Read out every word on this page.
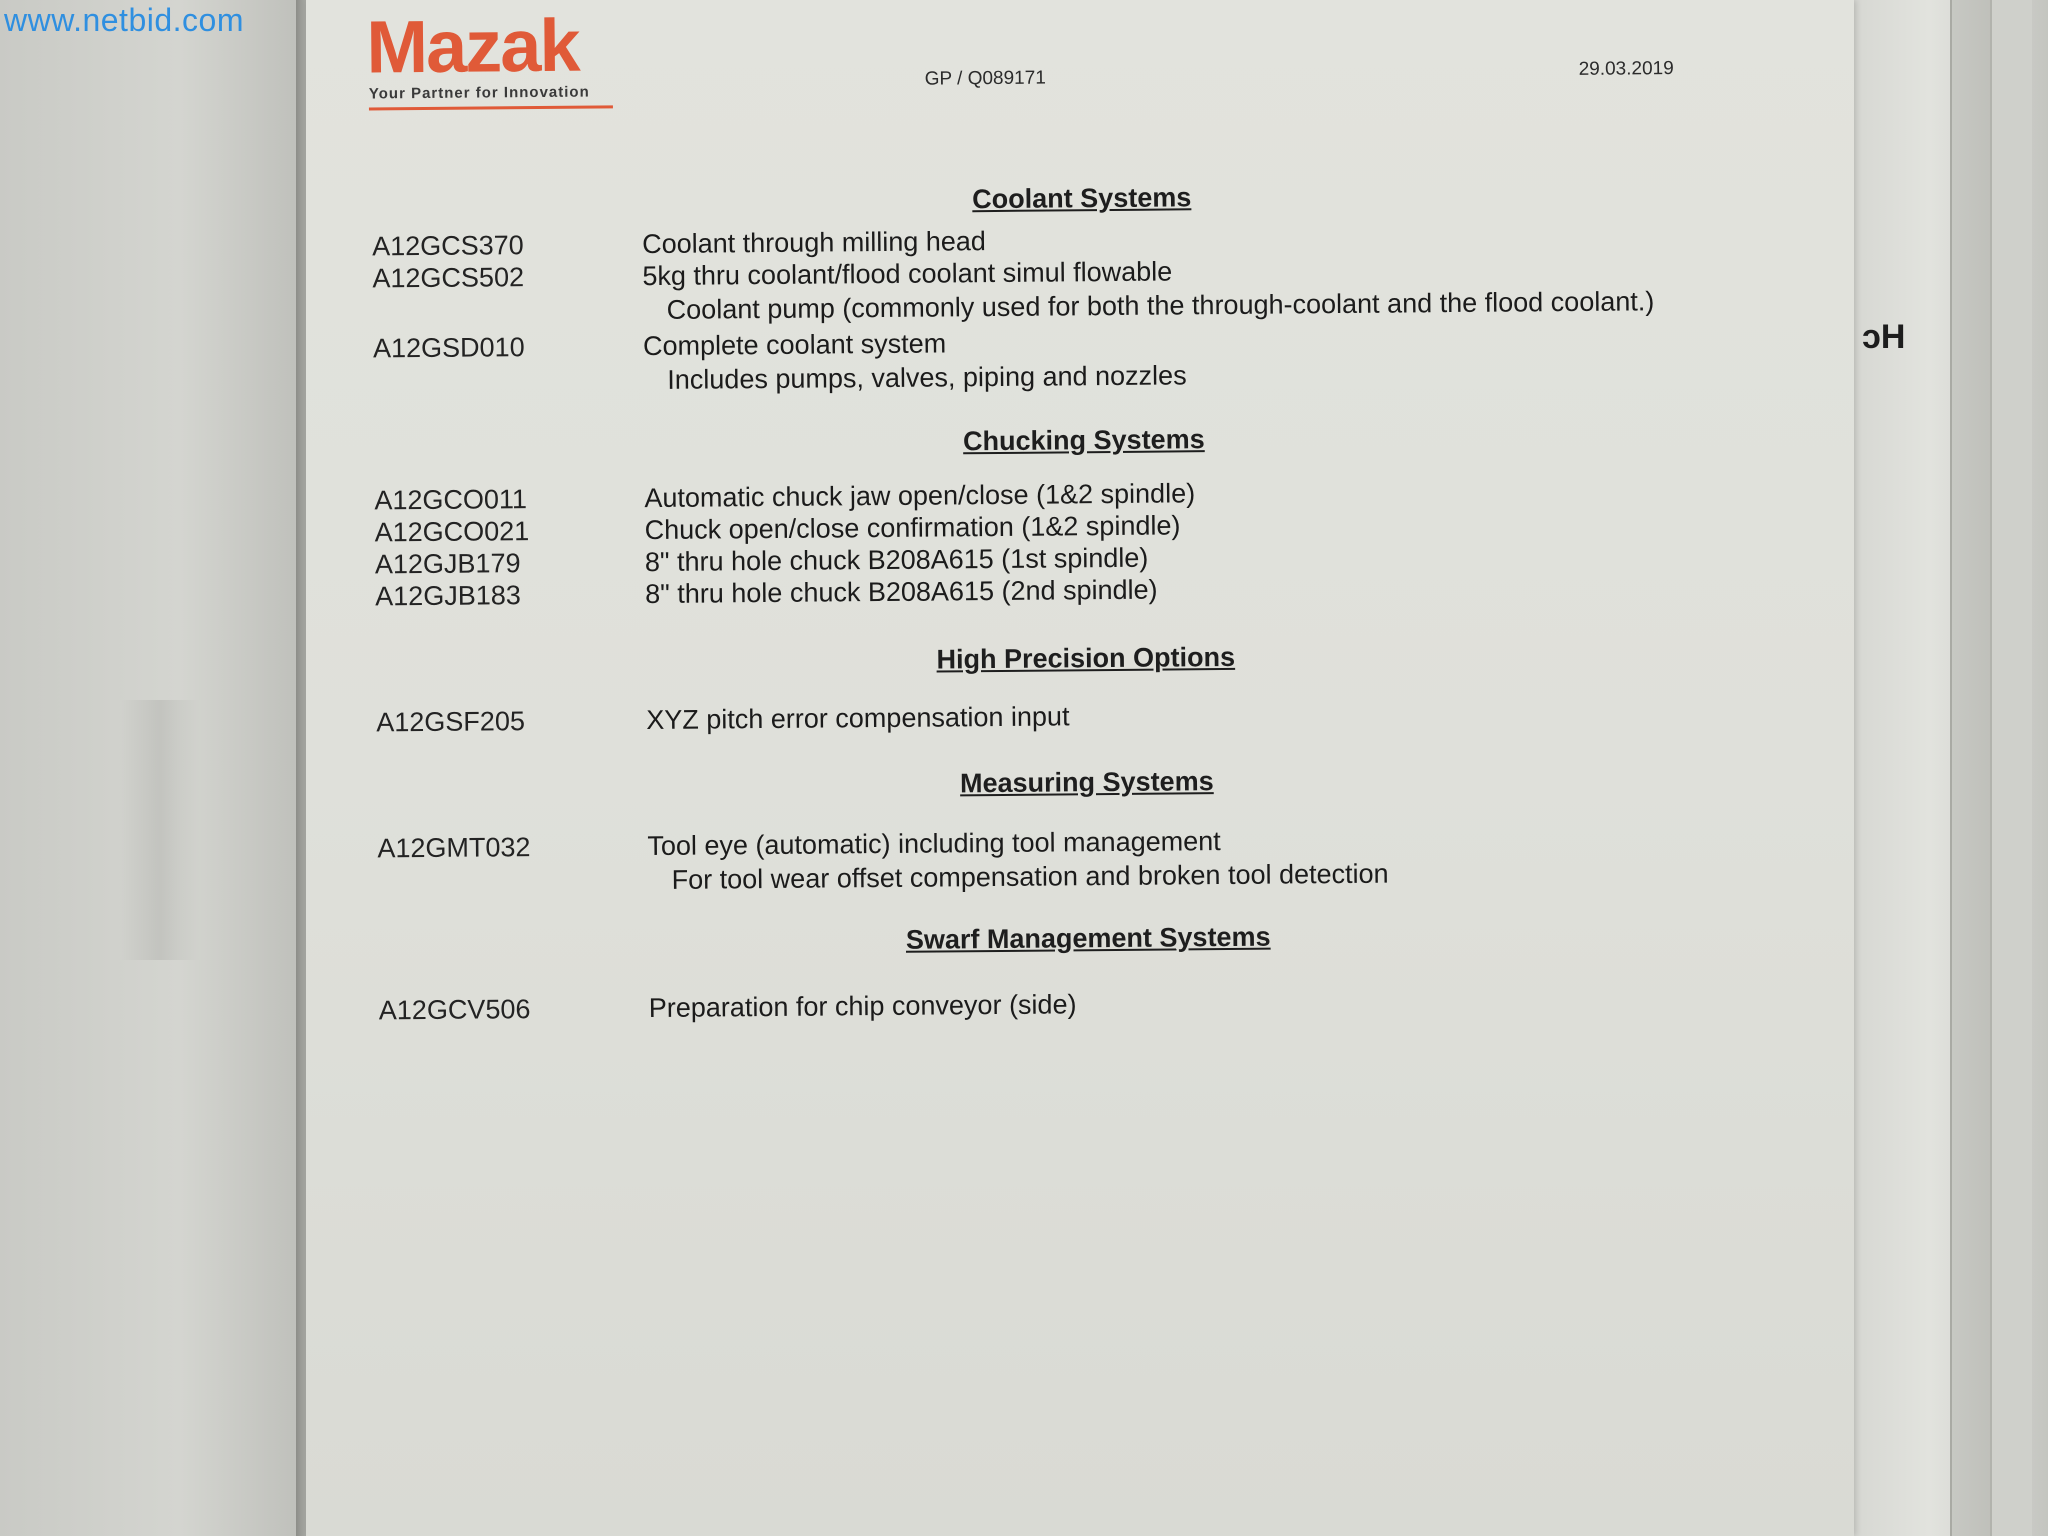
ɔH
Mazak
Your Partner for Innovation
GP / Q089171	29.03.2019
Coolant Systems
A12GCS370	Coolant through milling head
A12GCS502	5kg thru coolant/flood coolant simul flowable
Coolant pump (commonly used for both the through-coolant and the flood coolant.)
A12GSD010	Complete coolant system
Includes pumps, valves, piping and nozzles
Chucking Systems
A12GCO011	Automatic chuck jaw open/close (1&2 spindle)
A12GCO021	Chuck open/close confirmation (1&2 spindle)
A12GJB179	8" thru hole chuck B208A615 (1st spindle)
A12GJB183	8" thru hole chuck B208A615 (2nd spindle)
High Precision Options
A12GSF205	XYZ pitch error compensation input
Measuring Systems
A12GMT032	Tool eye (automatic) including tool management
For tool wear offset compensation and broken tool detection
Swarf Management Systems
A12GCV506	Preparation for chip conveyor (side)
www.netbid.com
